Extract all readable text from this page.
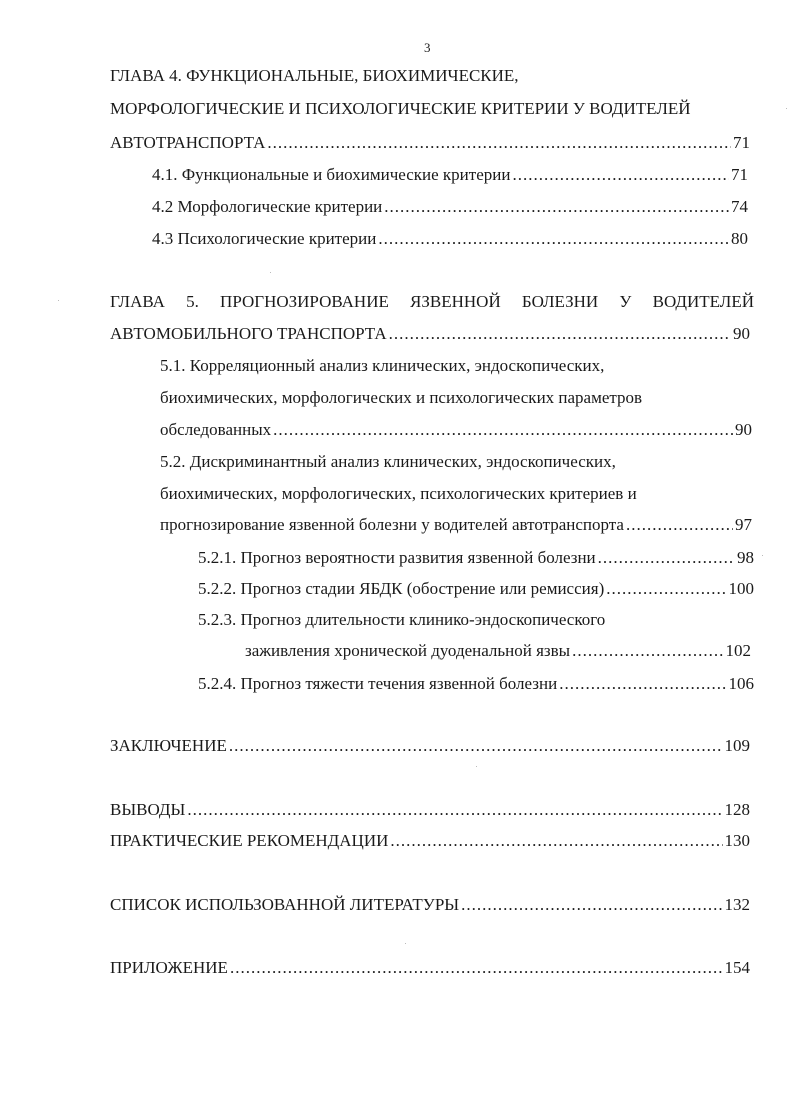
3
ГЛАВА 4. ФУНКЦИОНАЛЬНЫЕ, БИОХИМИЧЕСКИЕ,
МОРФОЛОГИЧЕСКИЕ И ПСИХОЛОГИЧЕСКИЕ КРИТЕРИИ У ВОДИТЕЛЕЙ
АВТОТРАНСПОРТА .....	71
4.1. Функциональные и биохимические критерии .....	71
4.2 Морфологические критерии .....	74
4.3 Психологические критерии .....	80
ГЛАВА 5. ПРОГНОЗИРОВАНИЕ ЯЗВЕННОЙ БОЛЕЗНИ У ВОДИТЕЛЕЙ
АВТОМОБИЛЬНОГО ТРАНСПОРТА .....	90
5.1. Корреляционный анализ клинических, эндоскопических,
биохимических, морфологических и психологических параметров
обследованных .....	90
5.2. Дискриминантный анализ клинических, эндоскопических,
биохимических, морфологических, психологических критериев и
прогнозирование язвенной болезни у водителей автотранспорта .....	97
5.2.1. Прогноз вероятности развития язвенной болезни .....	98
5.2.2. Прогноз стадии ЯБДК (обострение или ремиссия) .....	100
5.2.3. Прогноз длительности клинико-эндоскопического
заживления хронической дуоденальной язвы .....	102
5.2.4. Прогноз тяжести течения язвенной болезни .....	106
ЗАКЛЮЧЕНИЕ .....	109
ВЫВОДЫ .....	128
ПРАКТИЧЕСКИЕ РЕКОМЕНДАЦИИ .....	130
СПИСОК ИСПОЛЬЗОВАННОЙ ЛИТЕРАТУРЫ .....	132
ПРИЛОЖЕНИЕ .....	154
